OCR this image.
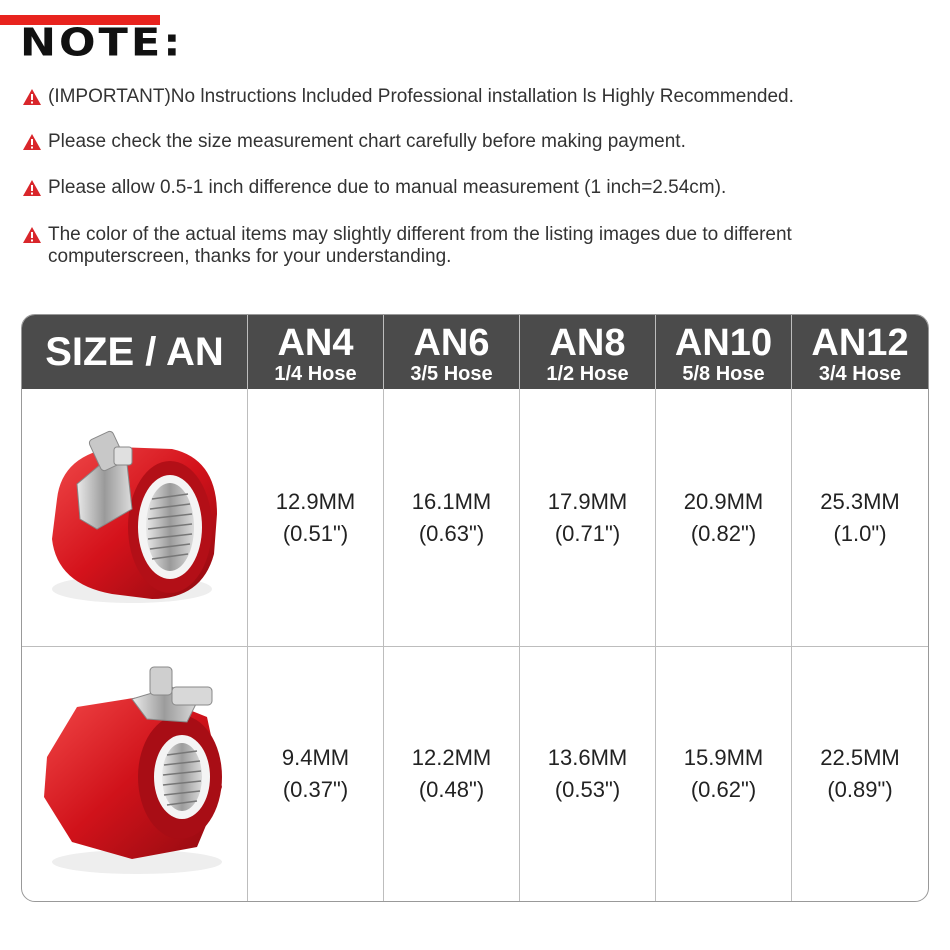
NOTE:
(IMPORTANT)No lnstructions lncluded Professional installation ls Highly Recommended.
Please check the size measurement chart carefully before making payment.
Please allow 0.5-1 inch difference due to manual measurement (1 inch=2.54cm).
The color of the actual items may slightly different from the listing images due to different
computerscreen, thanks for your understanding.
SIZE / AN	AN4
1/4 Hose
AN6
3/5 Hose
AN8
1/2 Hose
AN10
5/8 Hose
AN12
3/4 Hose
12.9MM
(0.51")
16.1MM
(0.63")
17.9MM
(0.71")
20.9MM
(0.82")
25.3MM
(1.0")
9.4MM
(0.37")
12.2MM
(0.48")
13.6MM
(0.53")
15.9MM
(0.62")
22.5MM
(0.89")
